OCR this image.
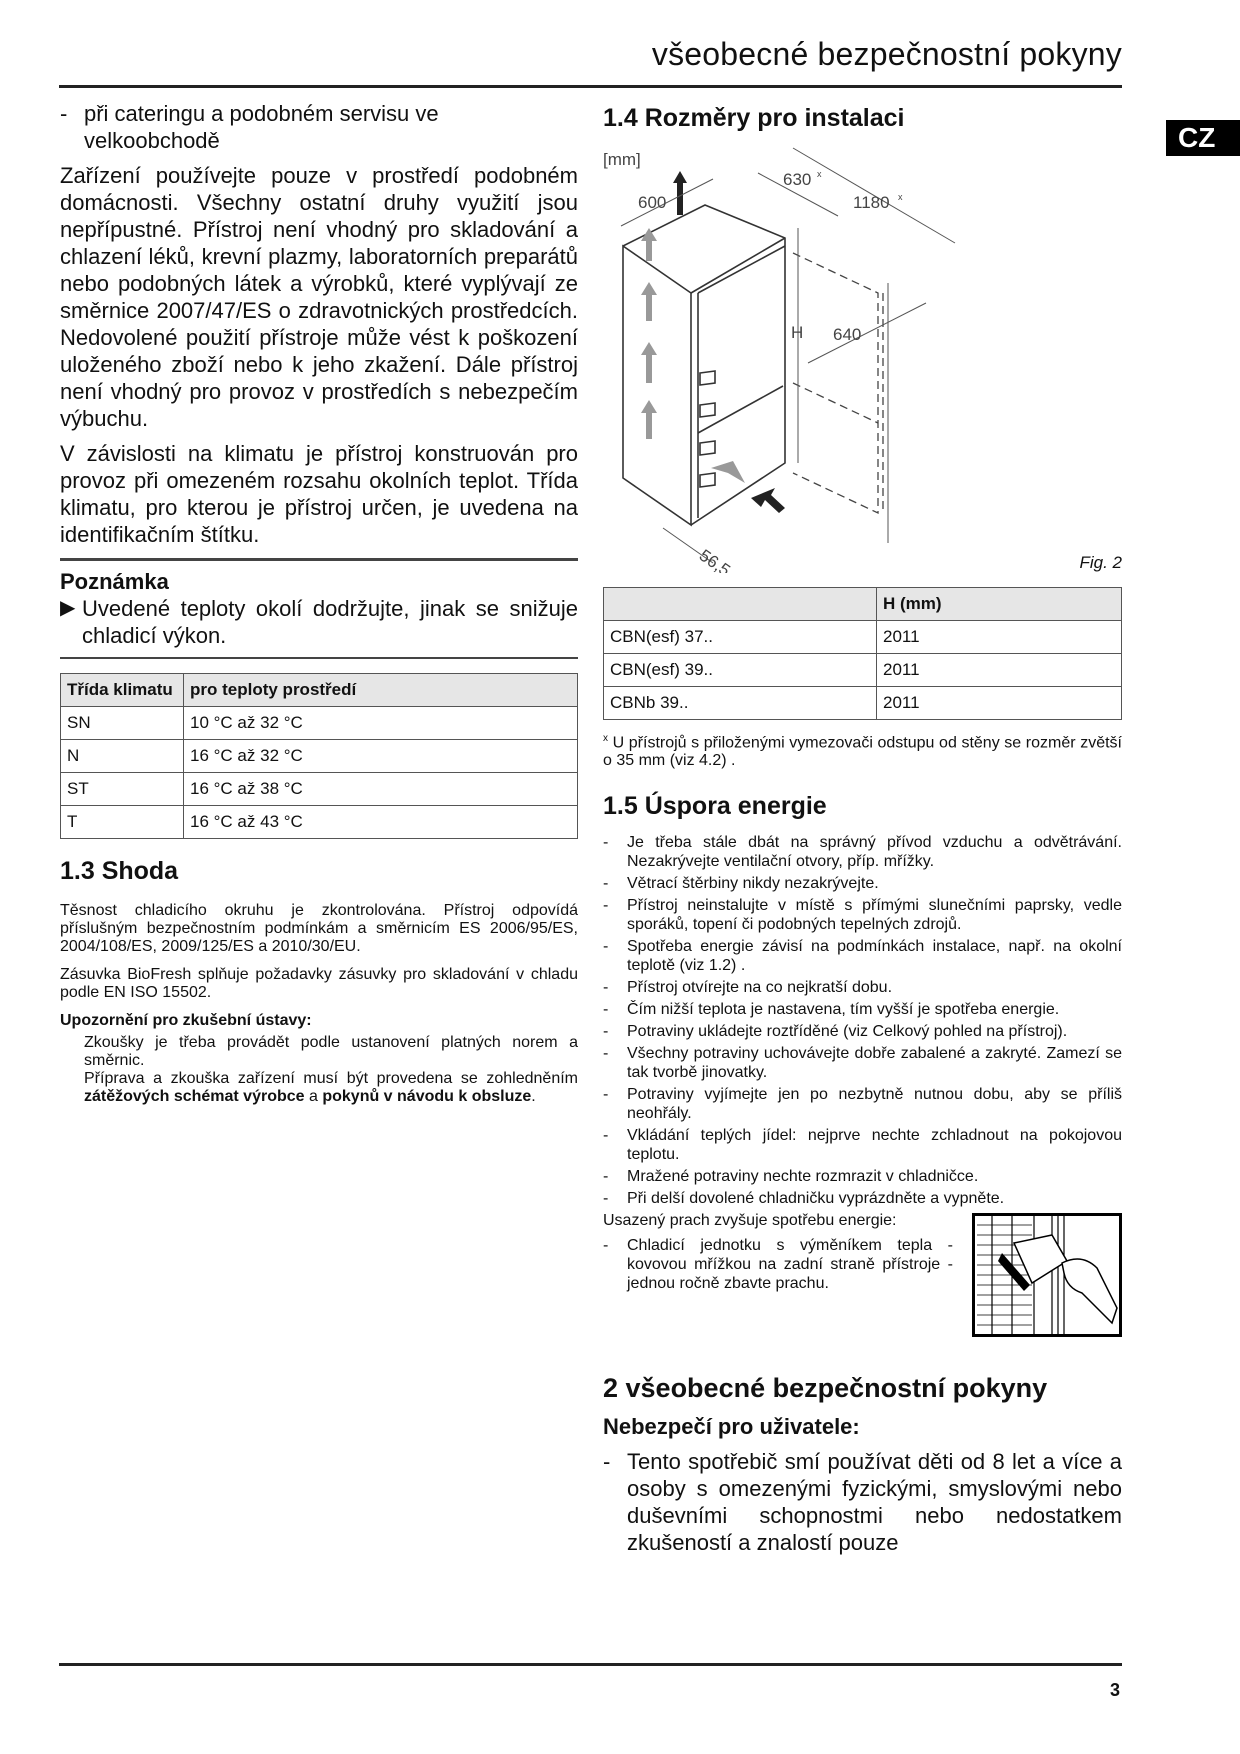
všeobecné bezpečnostní pokyny
CZ
- při cateringu a podobném servisu ve velkoobchodě

Zařízení používejte pouze v prostředí podobném domácnosti. Všechny ostatní druhy využití jsou nepřípustné. Přístroj není vhodný pro skladování a chlazení léků, krevní plazmy, laboratorních preparátů nebo podobných látek a výrobků, které vyplývají ze směrnice 2007/47/ES o zdravotnických prostředcích. Nedovolené použití přístroje může vést k poškození uloženého zboží nebo k jeho zkažení. Dále přístroj není vhodný pro provoz v prostředích s nebezpečím výbuchu.

V závislosti na klimatu je přístroj konstruován pro provoz při omezeném rozsahu okolních teplot. Třída klimatu, pro kterou je přístroj určen, je uvedena na identifikačním štítku.

Poznámka
▶ Uvedené teploty okolí dodržujte, jinak se snižuje chladicí výkon.
Třída klimatu	pro teploty prostředí
SN	10 °C až 32 °C
N	16 °C až 32 °C
ST	16 °C až 38 °C
T	16 °C až 43 °C
1.3 Shoda

Těsnost chladicího okruhu je zkontrolována. Přístroj odpovídá příslušným bezpečnostním podmínkám a směrnicím ES 2006/95/ES, 2004/108/ES, 2009/125/ES a 2010/30/EU.

Zásuvka BioFresh splňuje požadavky zásuvky pro skladování v chladu podle EN ISO 15502.

Upozornění pro zkušební ústavy:

Zkoušky je třeba provádět podle ustanovení platných norem a směrnic.
Příprava a zkouška zařízení musí být provedena se zohledněním zátěžových schémat výrobce a pokynů v návodu k obsluze.
1.4 Rozměry pro instalaci
[mm]
600
630 x
1180 x
H 640
56,5	Fig. 2
	H (mm)
CBN(esf) 37..	2011
CBN(esf) 39..	2011
CBNb 39..	2011
$^x$ U přístrojů s přiloženými vymezovači odstupu od stěny se rozměr zvětší o 35 mm (viz 4.2) .
1.5 Úspora energie
-	Je třeba stále dbát na správný přívod vzduchu a odvětrávání. Nezakrývejte ventilační otvory, příp. mřížky.
-	Větrací štěrbiny nikdy nezakrývejte.
-	Přístroj neinstalujte v místě s přímými slunečními paprsky, vedle sporáků, topení či podobných tepelných zdrojů.
-	Spotřeba energie závisí na podmínkách instalace, např. na okolní teplotě (viz 1.2) .
-	Přístroj otvírejte na co nejkratší dobu.
-	Čím nižší teplota je nastavena, tím vyšší je spotřeba energie.
-	Potraviny ukládejte roztříděné (viz Celkový pohled na přístroj).
-	Všechny potraviny uchovávejte dobře zabalené a zakryté. Zamezí se tak tvorbě jinovatky.
-	Potraviny vyjímejte jen po nezbytně nutnou dobu, aby se příliš neohřály.
-	Vkládání teplých jídel: nejprve nechte zchladnout na pokojovou teplotu.
-	Mražené potraviny nechte rozmrazit v chladničce.
-	Při delší dovolené chladničku vyprázdněte a vypněte.
Usazený prach zvyšuje spotřebu energie:
-	Chladicí jednotku s výměníkem tepla - kovovou mřížkou na zadní straně přístroje - jednou ročně zbavte prachu.
2 všeobecné bezpečnostní pokyny
Nebezpečí pro uživatele:
- Tento spotřebič smí používat děti od 8 let a více a osoby s omezenými fyzickými, smyslovými nebo duševními schopnostmi nebo nedostatkem zkušeností a znalostí pouze
3
